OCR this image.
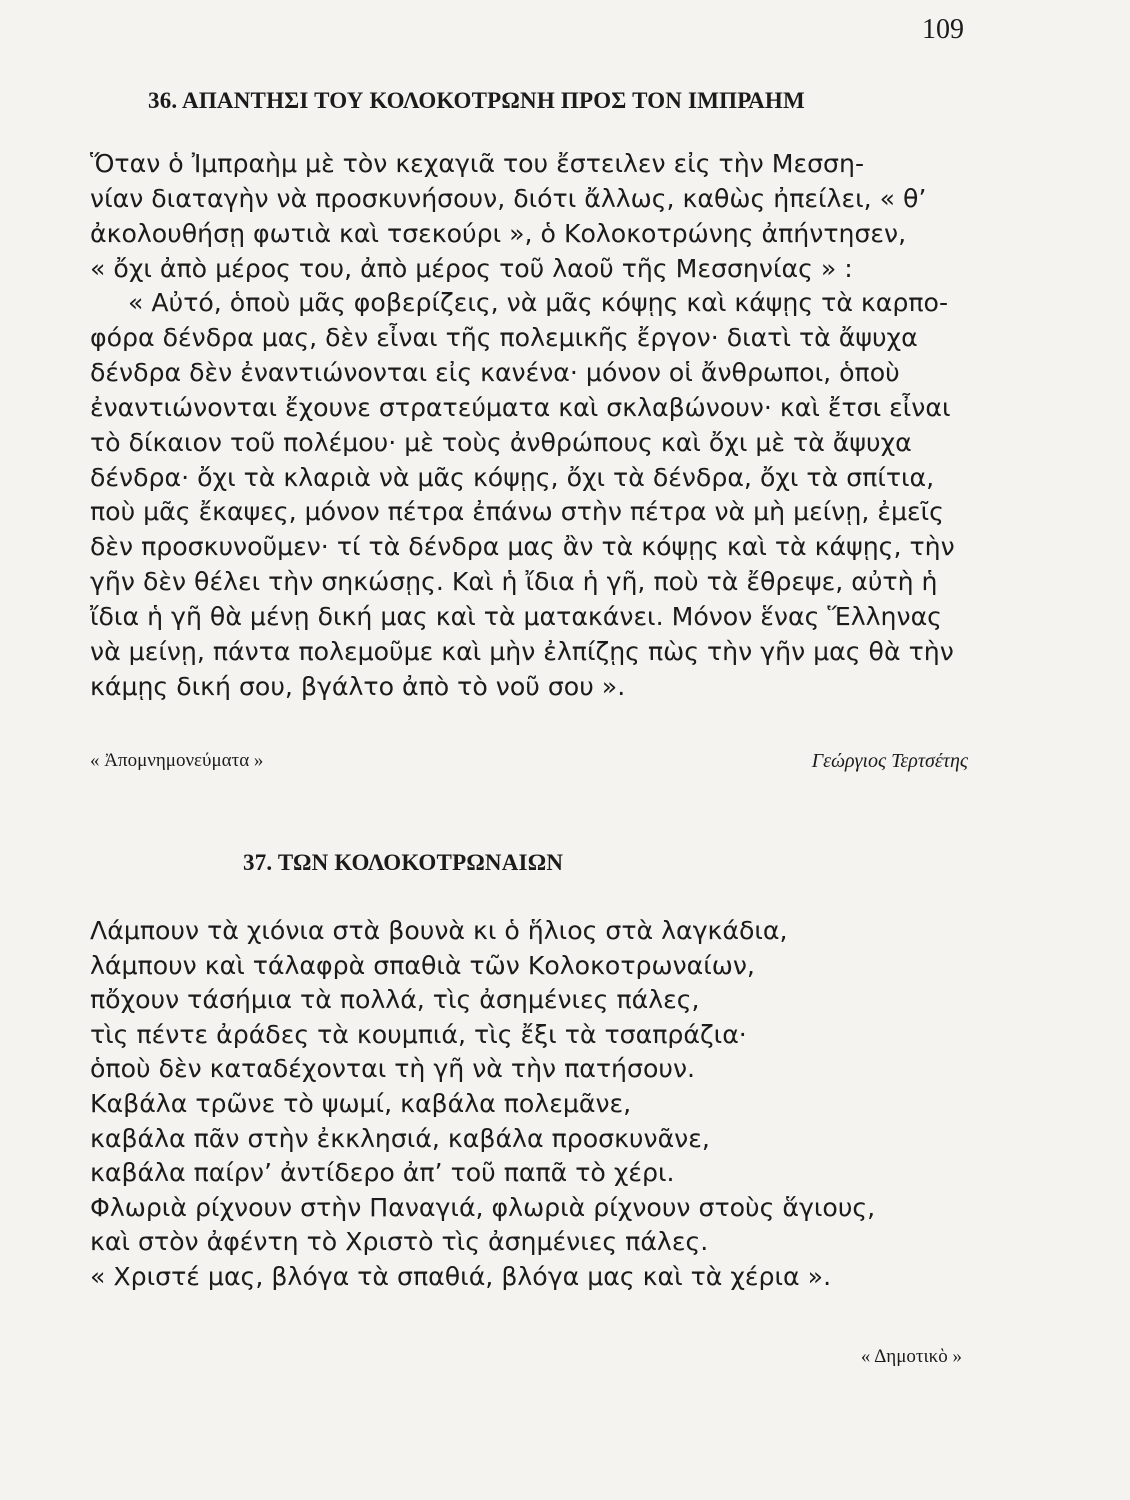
109
36. ΑΠΑΝΤΗΣΙ ΤΟΥ ΚΟΛΟΚΟΤΡΩΝΗ ΠΡΟΣ ΤΟΝ ΙΜΠΡΑΗΜ

Ὅταν ὁ Ἰμπραὴμ μὲ τὸν κεχαγιᾶ του ἔστειλεν εἰς τὴν Μεσση-

νίαν διαταγὴν νὰ προσκυνήσουν, διότι ἄλλως, καθὼς ἠπείλει, « θ’

ἀκολουθήσῃ φωτιὰ καὶ τσεκούρι », ὁ Κολοκοτρώνης ἀπήντησεν,

« ὄχι ἀπὸ μέρος του, ἀπὸ μέρος τοῦ λαοῦ τῆς Μεσσηνίας » :

« Αὐτό, ὁποὺ μᾶς φοβερίζεις, νὰ μᾶς κόψῃς καὶ κάψῃς τὰ καρπο-

φόρα δένδρα μας, δὲν εἶναι τῆς πολεμικῆς ἔργον· διατὶ τὰ ἄψυχα

δένδρα δὲν ἐναντιώνονται εἰς κανένα· μόνον οἱ ἄνθρωποι, ὁποὺ

ἐναντιώνονται ἔχουνε στρατεύματα καὶ σκλαβώνουν· καὶ ἔτσι εἶναι

τὸ δίκαιον τοῦ πολέμου· μὲ τοὺς ἀνθρώπους καὶ ὄχι μὲ τὰ ἄψυχα

δένδρα· ὄχι τὰ κλαριὰ νὰ μᾶς κόψῃς, ὄχι τὰ δένδρα, ὄχι τὰ σπίτια,

ποὺ μᾶς ἔκαψες, μόνον πέτρα ἐπάνω στὴν πέτρα νὰ μὴ μείνῃ, ἐμεῖς

δὲν προσκυνοῦμεν· τί τὰ δένδρα μας ἂν τὰ κόψῃς καὶ τὰ κάψῃς, τὴν

γῆν δὲν θέλει τὴν σηκώσῃς. Καὶ ἡ ἴδια ἡ γῆ, ποὺ τὰ ἔθρεψε, αὐτὴ ἡ

ἴδια ἡ γῆ θὰ μένῃ δική μας καὶ τὰ ματακάνει. Μόνον ἕνας Ἕλληνας

νὰ μείνῃ, πάντα πολεμοῦμε καὶ μὴν ἐλπίζῃς πὼς τὴν γῆν μας θὰ τὴν

κάμῃς δική σου, βγάλτο ἀπὸ τὸ νοῦ σου ».

« Ἀπομνημονεύματα »	Γεώργιος Τερτσέτης
37. ΤΩΝ ΚΟΛΟΚΟΤΡΩΝΑΙΩΝ

Λάμπουν τὰ χιόνια στὰ βουνὰ κι ὁ ἥλιος στὰ λαγκάδια,

λάμπουν καὶ τάλαφρὰ σπαθιὰ τῶν Κολοκοτρωναίων,

πὄχουν τάσήμια τὰ πολλά, τὶς ἀσημένιες πάλες,

τὶς πέντε ἀράδες τὰ κουμπιά, τὶς ἔξι τὰ τσαπράζια·

ὁποὺ δὲν καταδέχονται τὴ γῆ νὰ τὴν πατήσουν.

Καβάλα τρῶνε τὸ ψωμί, καβάλα πολεμᾶνε,

καβάλα πᾶν στὴν ἐκκλησιά, καβάλα προσκυνᾶνε,

καβάλα παίρν’ ἀντίδερο ἀπ’ τοῦ παπᾶ τὸ χέρι.

Φλωριὰ ρίχνουν στὴν Παναγιά, φλωριὰ ρίχνουν στοὺς ἅγιους,

καὶ στὸν ἀφέντη τὸ Χριστὸ τὶς ἀσημένιες πάλες.

« Χριστέ μας, βλόγα τὰ σπαθιά, βλόγα μας καὶ τὰ χέρια ».

« Δημοτικὸ »
